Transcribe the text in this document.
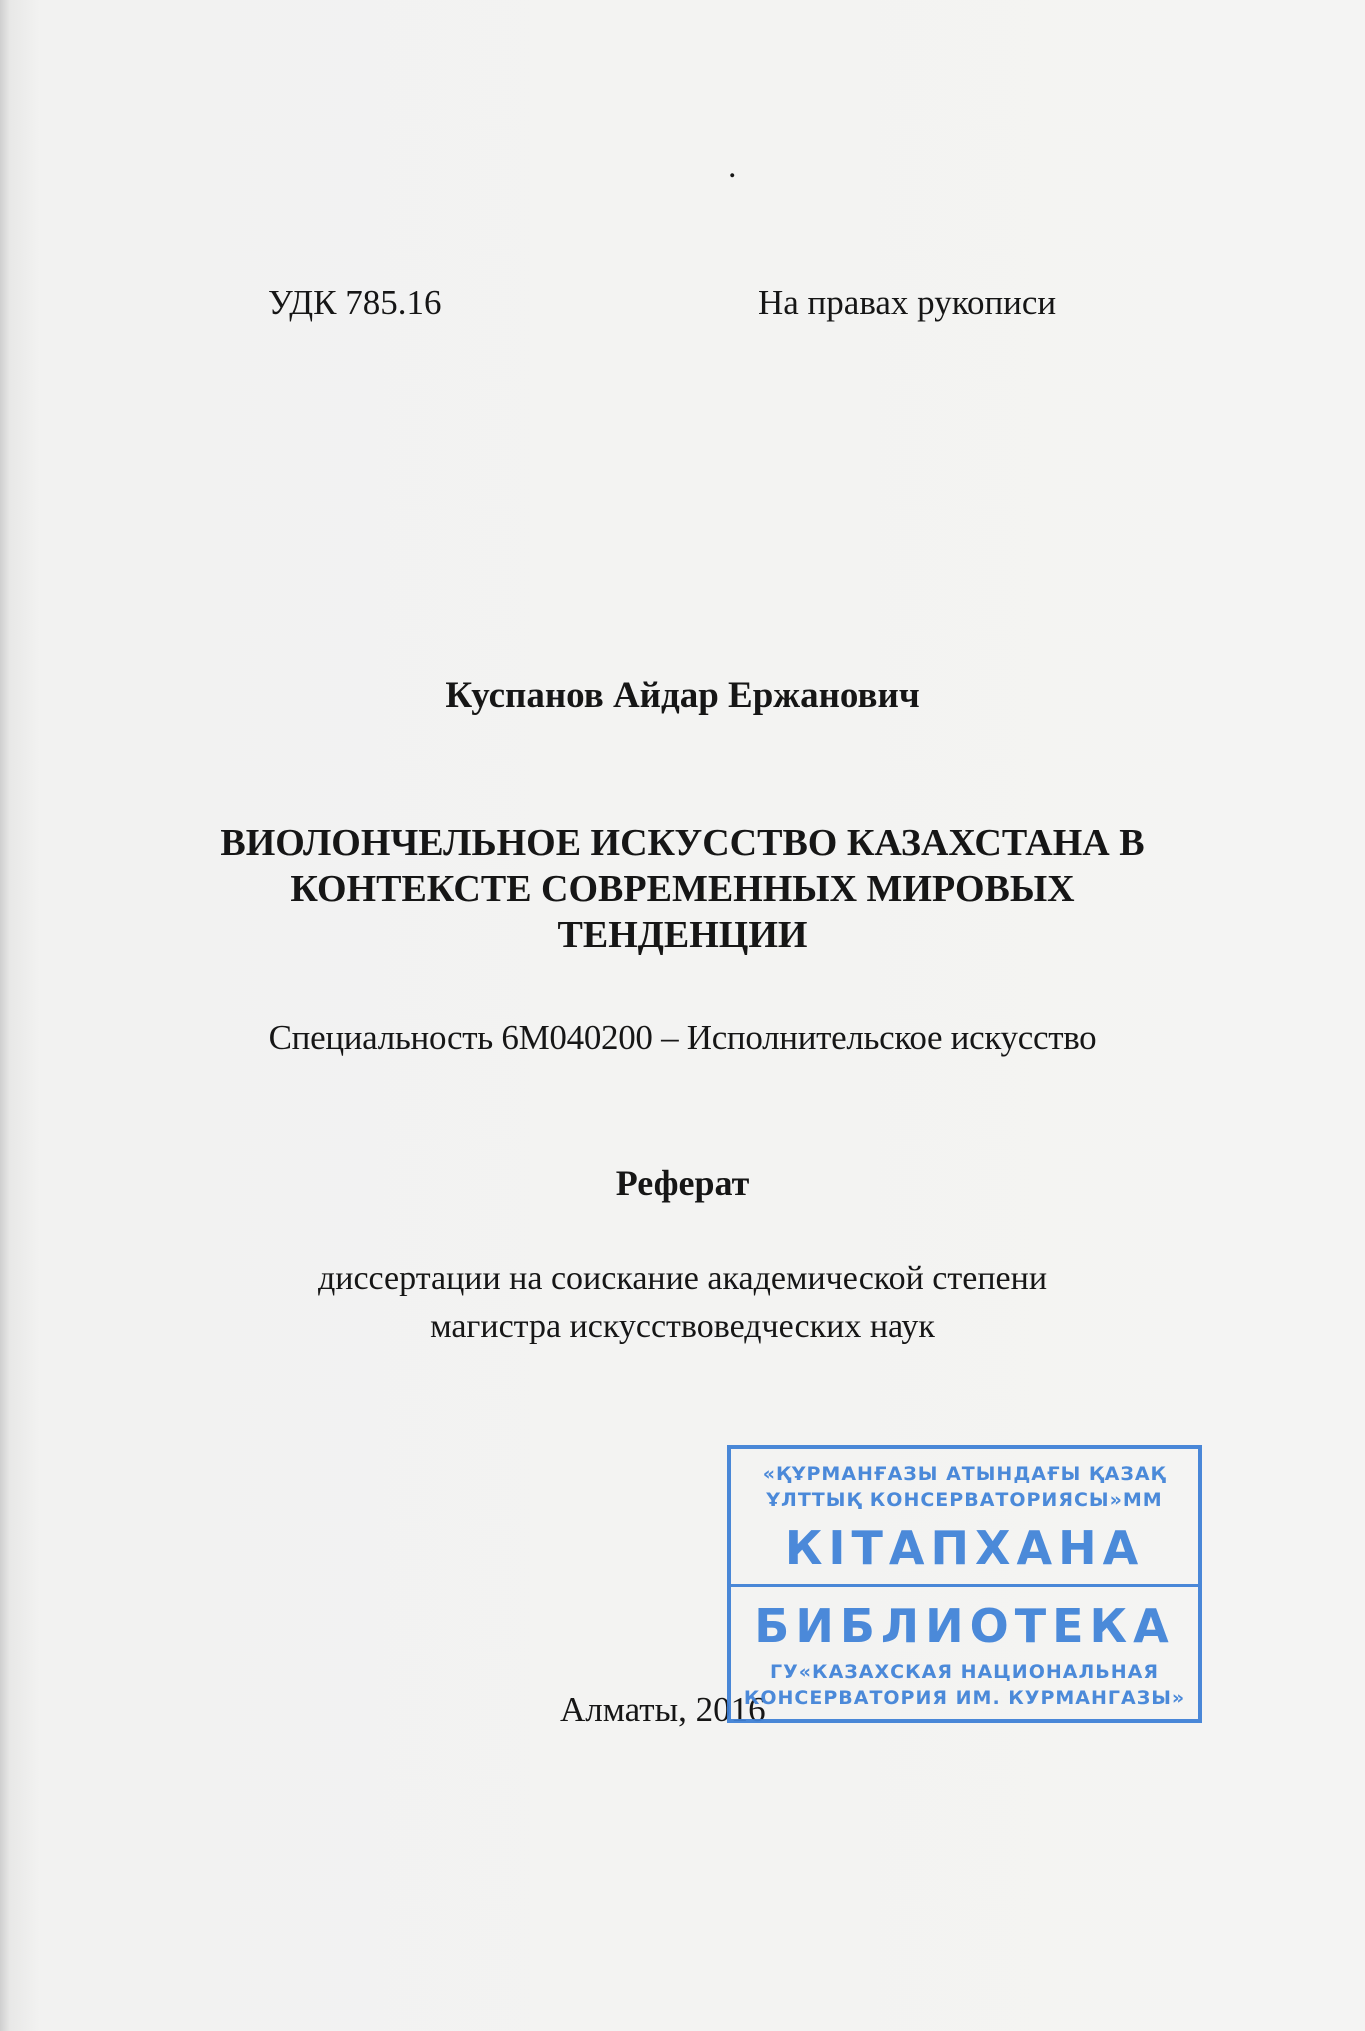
.
УДК 785.16	На правах рукописи
Куспанов Айдар Ержанович
ВИОЛОНЧЕЛЬНОЕ ИСКУССТВО КАЗАХСТАНА В
КОНТЕКСТЕ СОВРЕМЕННЫХ МИРОВЫХ
ТЕНДЕНЦИИ
Специальность 6М040200 – Исполнительское искусство
Реферат
диссертации на соискание академической степени
магистра искусствоведческих наук
Алматы, 2016
«ҚҰРМАНҒАЗЫ АТЫНДАҒЫ ҚАЗАҚ
ҰЛТТЫҚ КОНСЕРВАТОРИЯСЫ»ММ
КІТАПХАНА
БИБЛИОТЕКА
ГУ«КАЗАХСКАЯ НАЦИОНАЛЬНАЯ
КОНСЕРВАТОРИЯ ИМ. КУРМАНГАЗЫ»
